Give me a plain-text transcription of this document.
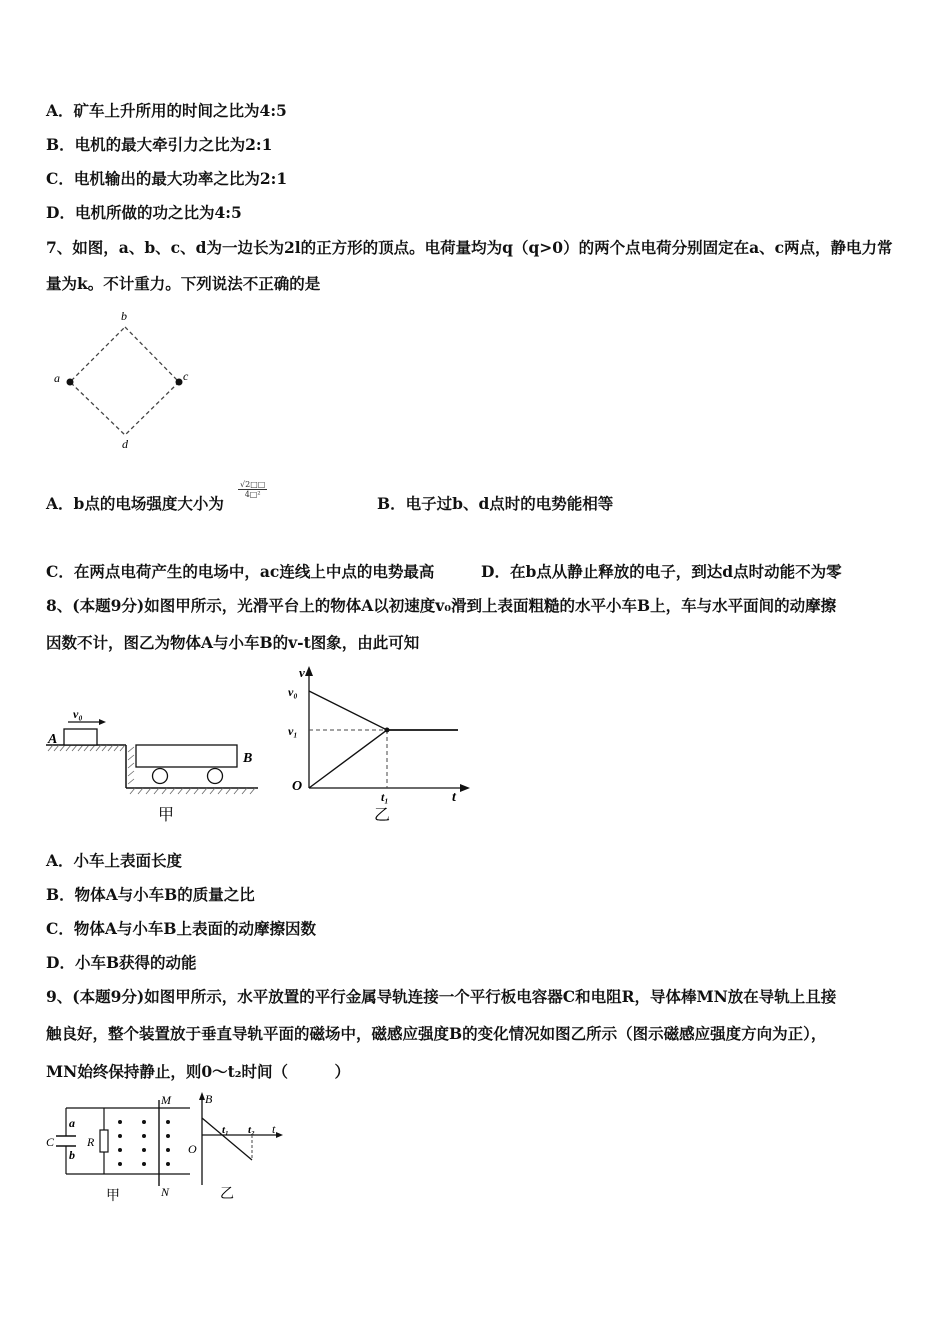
A．矿车上升所用的时间之比为4:5
B．电机的最大牵引力之比为2:1
C．电机输出的最大功率之比为2:1
D．电机所做的功之比为4:5
7、如图，a、b、c、d为一边长为2l的正方形的顶点。电荷量均为q（q>0）的两个点电荷分别固定在a、c两点，静电力常
量为k。不计重力。下列说法不正确的是
b
a	c
d
A．b点的电场强度大小为
$\frac{√2□□}{\text{4□²}}$
B．电子过b、d点时的电势能相等
C．在两点电荷产生的电场中，ac连线上中点的电势最高	D．在b点从静止释放的电子，到达d点时动能不为零
8、(本题9分)如图甲所示，光滑平台上的物体A以初速度v₀滑到上表面粗糙的水平小车B上，车与水平面间的动摩擦
因数不计，图乙为物体A与小车B的v-t图象，由此可知
v₀
A
B
甲
v
v₀
v₁
O
t₁	t
乙
A．小车上表面长度
B．物体A与小车B的质量之比
C．物体A与小车B上表面的动摩擦因数
D．小车B获得的动能
9、(本题9分)如图甲所示，水平放置的平行金属导轨连接一个平行板电容器C和电阻R，导体棒MN放在导轨上且接
触良好，整个装置放于垂直导轨平面的磁场中，磁感应强度B的变化情况如图乙所示（图示磁感应强度方向为正），
MN始终保持静止，则0～t₂时间（　　　）
a
b
C	R
M
N
甲
B
O
t₁ t₂ t
乙
